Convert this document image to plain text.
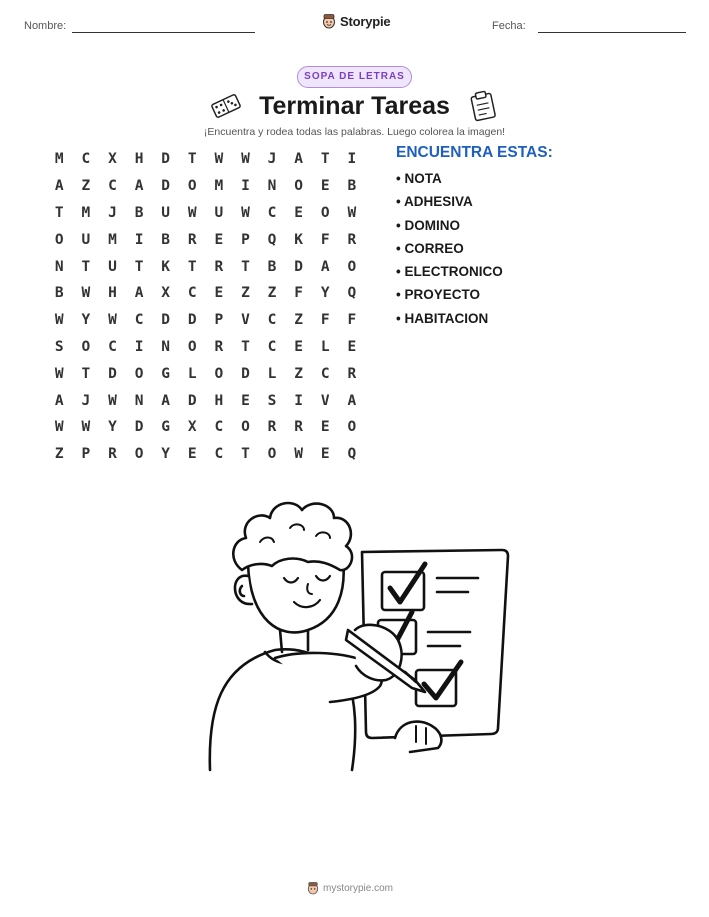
Nombre:	Storypie	Fecha:
SOPA DE LETRAS
Terminar Tareas
¡Encuentra y rodea todas las palabras. Luego colorea la imagen!
M	C	X	H	D	T	W	W	J	A	T	I
A	Z	C	A	D	O	M	I	N	O	E	B
T	M	J	B	U	W	U	W	C	E	O	W
O	U	M	I	B	R	E	P	Q	K	F	R
N	T	U	T	K	T	R	T	B	D	A	O
B	W	H	A	X	C	E	Z	Z	F	Y	Q
W	Y	W	C	D	D	P	V	C	Z	F	F
S	O	C	I	N	O	R	T	C	E	L	E
W	T	D	O	G	L	O	D	L	Z	C	R
A	J	W	N	A	D	H	E	S	I	V	A
W	W	Y	D	G	X	C	O	R	R	E	O
Z	P	R	O	Y	E	C	T	O	W	E	Q
ENCUENTRA ESTAS:
• NOTA
• ADHESIVA
• DOMINO
• CORREO
• ELECTRONICO
• PROYECTO
• HABITACION
mystorypie.com
